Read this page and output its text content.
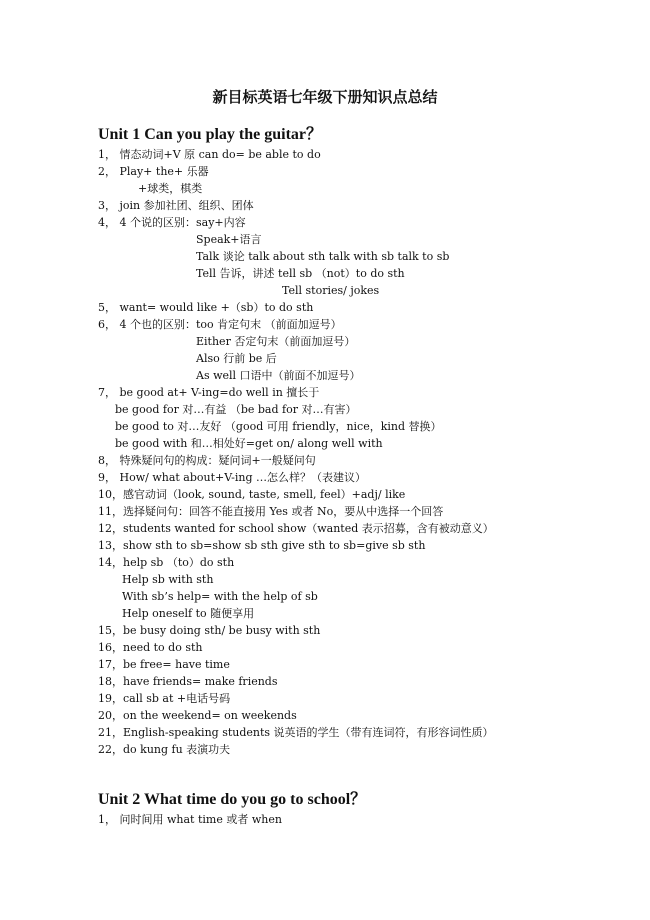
新目标英语七年级下册知识点总结
Unit 1 Can you play the guitar？
1， 情态动词+V 原 can do= be able to do
2， Play+ the+ 乐器
+球类，棋类
3， join 参加社团、组织、团体
4， 4 个说的区别：say+内容
Speak+语言
Talk 谈论 talk about sth talk with sb talk to sb
Tell 告诉，讲述 tell sb （not）to do sth
Tell stories/ jokes
5， want= would like +（sb）to do sth
6， 4 个也的区别：too 肯定句末 （前面加逗号）
Either 否定句末（前面加逗号）
Also 行前 be 后
As well 口语中（前面不加逗号）
7， be good at+ V-ing=do well in 擅长于
be good for 对…有益 （be bad for 对…有害）
be good to 对…友好 （good 可用 friendly，nice，kind 替换）
be good with 和…相处好=get on/ along well with
8， 特殊疑问句的构成：疑问词+一般疑问句
9， How/ what about+V-ing …怎么样？（表建议）
10，感官动词（look, sound, taste, smell, feel）+adj/ like
11，选择疑问句：回答不能直接用 Yes 或者 No，要从中选择一个回答
12，students wanted for school show（wanted 表示招募，含有被动意义）
13，show sth to sb=show sb sth give sth to sb=give sb sth
14，help sb （to）do sth
Help sb with sth
With sb’s help= with the help of sb
Help oneself to 随便享用
15，be busy doing sth/ be busy with sth
16，need to do sth
17，be free= have time
18，have friends= make friends
19，call sb at +电话号码
20，on the weekend= on weekends
21，English-speaking students 说英语的学生（带有连词符，有形容词性质）
22，do kung fu 表演功夫
Unit 2 What time do you go to school？
1， 问时间用 what time 或者 when
